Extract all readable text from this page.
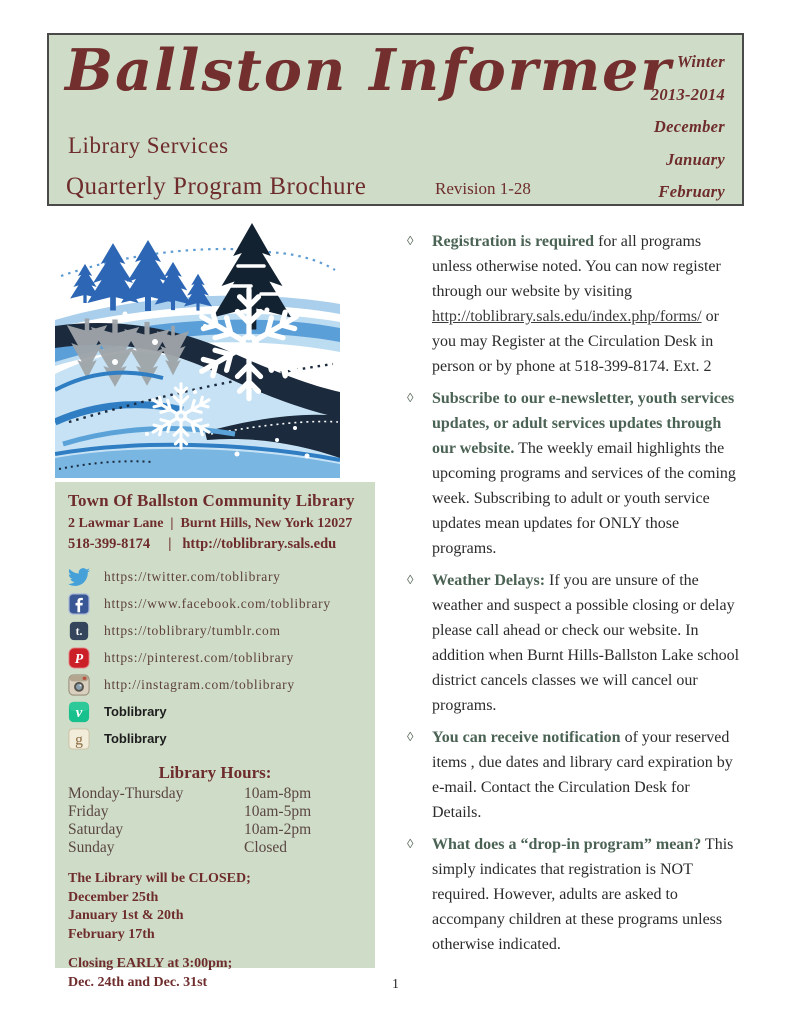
Ballston Informer
Library Services
Quarterly Program Brochure	Revision 1-28
Winter
2013-2014
December
January
February
Town Of Ballston Community Library
2 Lawmar Lane  |  Burnt Hills, New York 12027
518-399-8174     |   http://toblibrary.sals.edu
https://twitter.com/toblibrary
https://www.facebook.com/toblibrary
t. https://toblibrary/tumblr.com
P https://pinterest.com/toblibrary
http://instagram.com/toblibrary
v Toblibrary
g Toblibrary
Library Hours:
Monday-Thursday	10am-8pm
Friday	10am-5pm
Saturday	10am-2pm
Sunday	Closed
The Library will be CLOSED;
December 25th
January 1st & 20th
February 17th
Closing EARLY at 3:00pm;
Dec. 24th and Dec. 31st
◊	Registration is required for all programs unless otherwise noted. You can now register through our website by visiting http://toblibrary.sals.edu/index.php/forms/ or you may Register at the Circulation Desk in person or by phone at 518-399-8174. Ext. 2
◊	Subscribe to our e-newsletter, youth services updates, or adult services updates through our website. The weekly email highlights the upcoming programs and services of the coming week. Subscribing to adult or youth service updates mean updates for ONLY those programs.
◊	Weather Delays: If you are unsure of the weather and suspect a possible closing or delay please call ahead or check our website. In addition when Burnt Hills-Ballston Lake school district cancels classes we will cancel our programs.
◊	You can receive notification of your reserved items , due dates and library card expiration by e-mail. Contact the Circulation Desk for Details.
◊	What does a “drop-in program” mean? This simply indicates that registration is NOT required. However, adults are asked to accompany children at these programs unless otherwise indicated.
1
